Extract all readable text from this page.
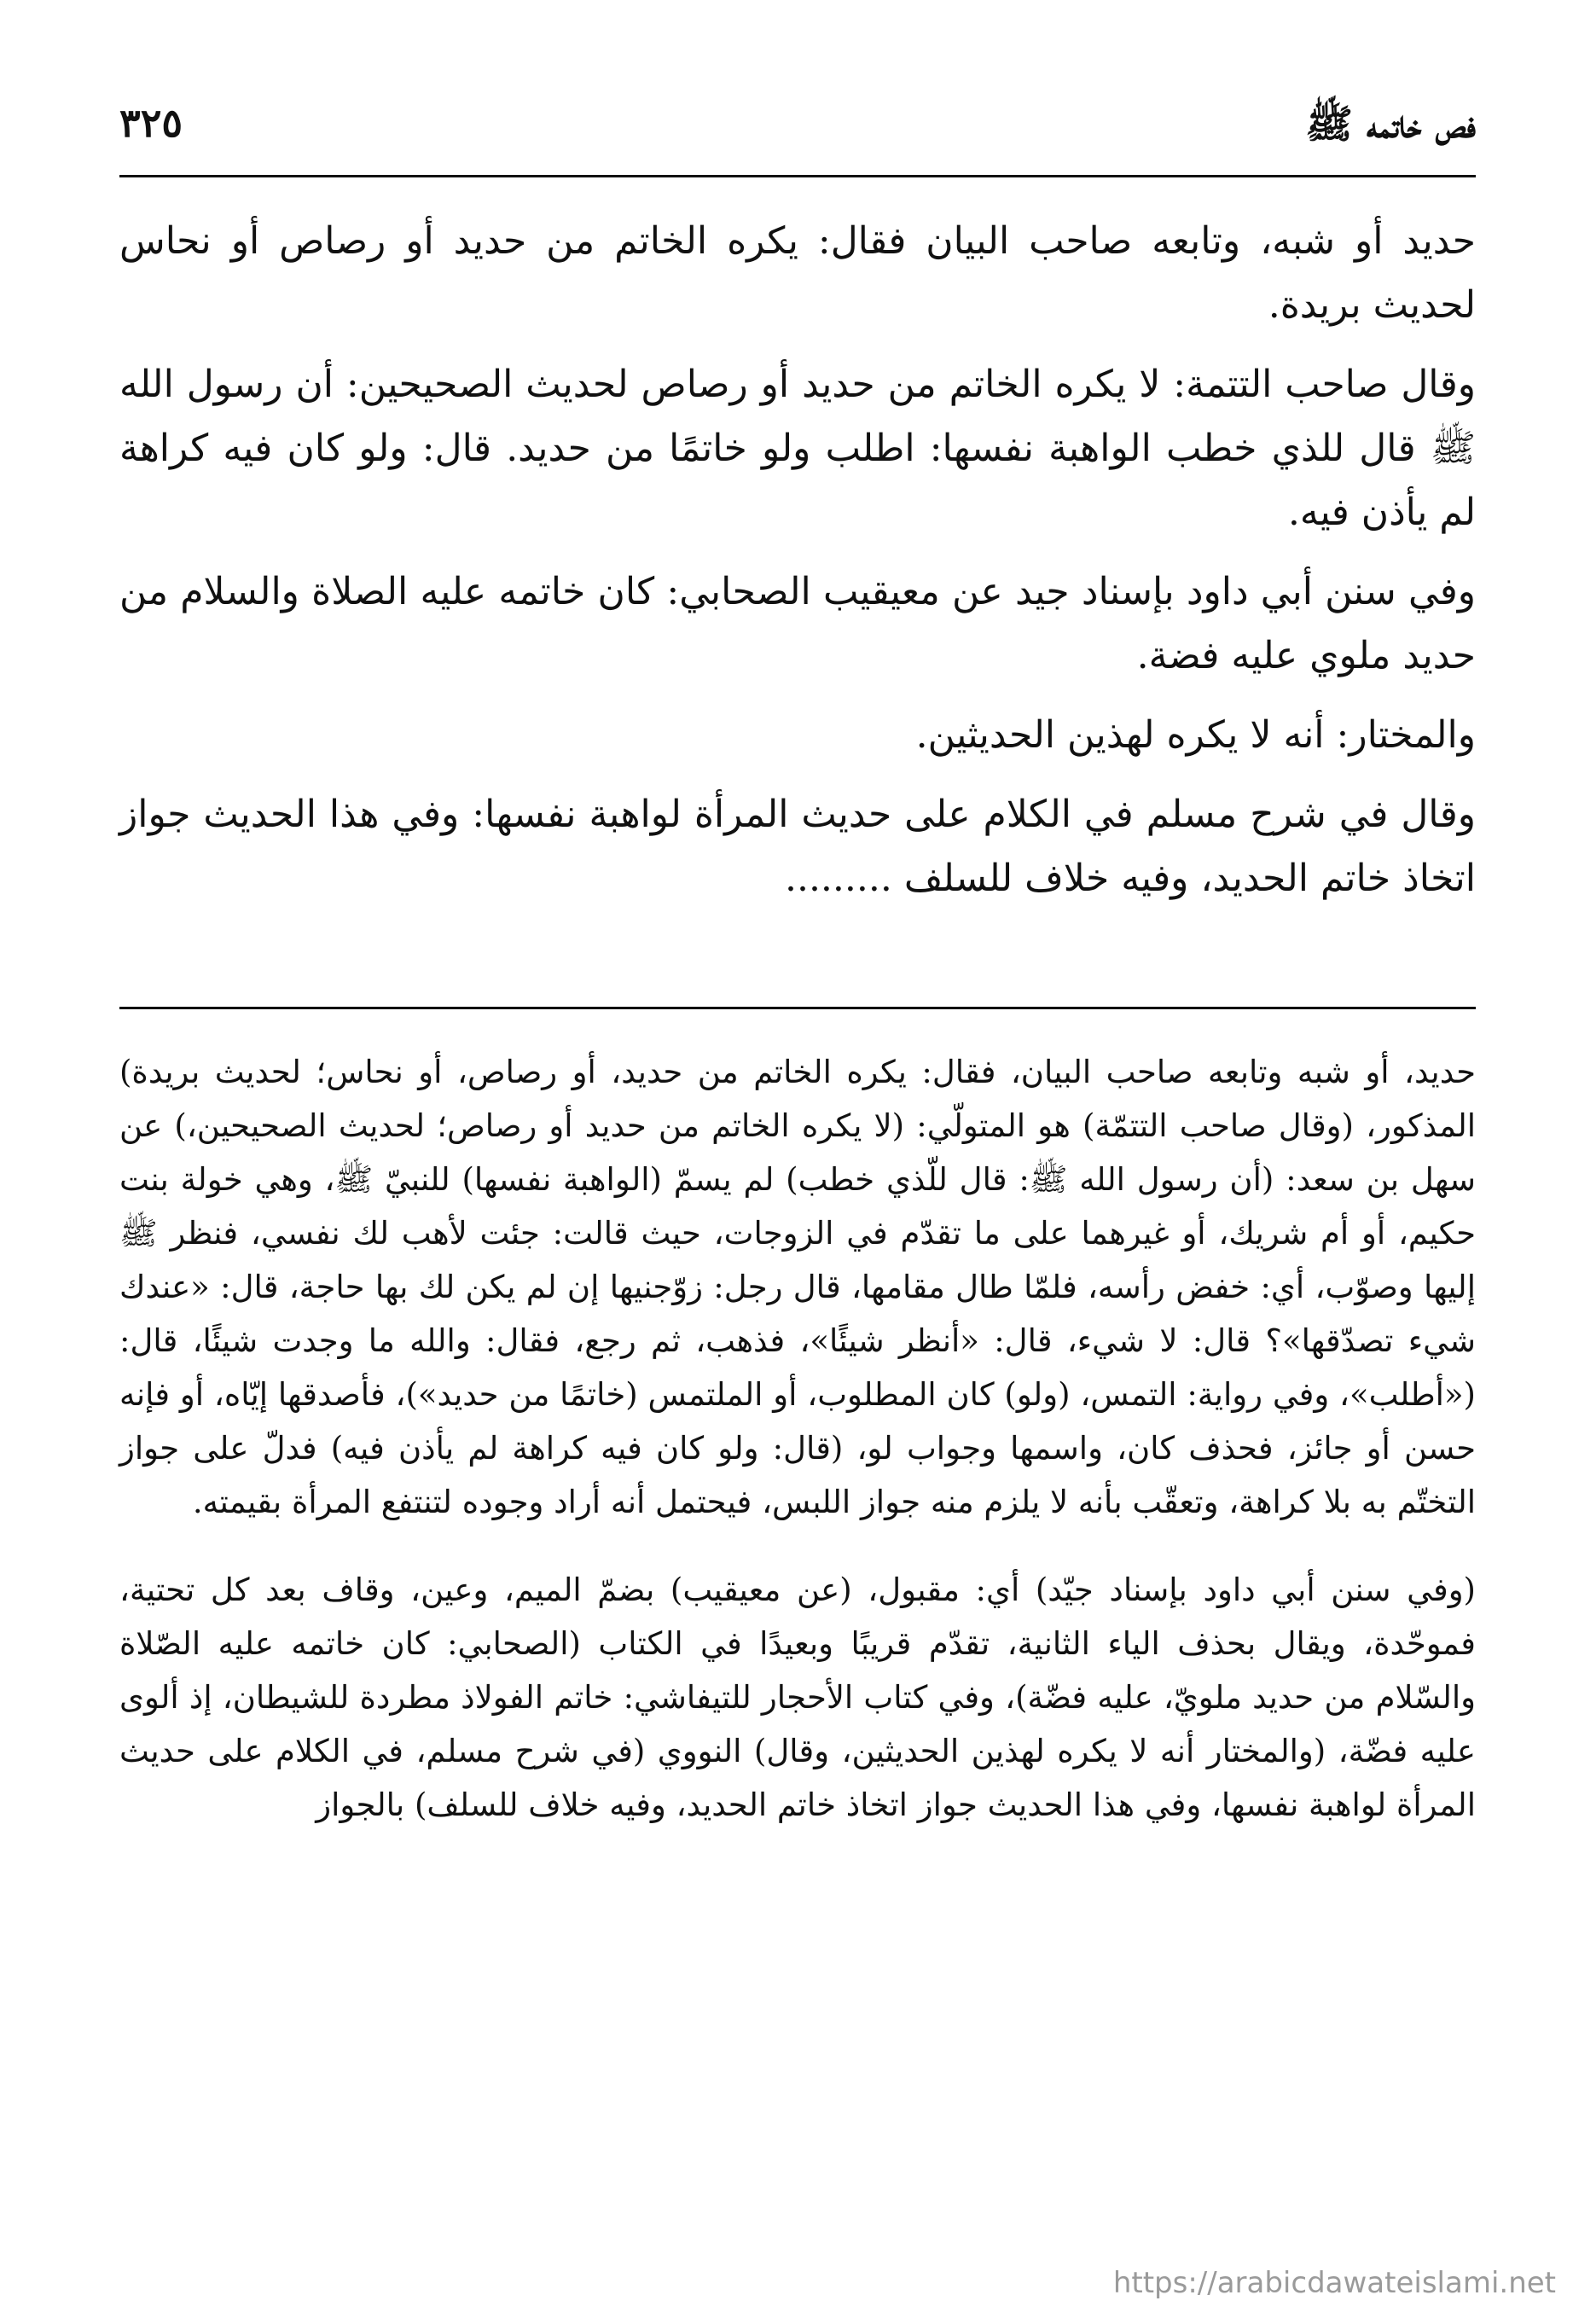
فص خاتمه ﷺ
٣٢٥

حديد أو شبه، وتابعه صاحب البيان فقال: يكره الخاتم من حديد أو رصاص أو نحاس لحديث بريدة.

وقال صاحب التتمة: لا يكره الخاتم من حديد أو رصاص لحديث الصحيحين: أن رسول الله ﷺ قال للذي خطب الواهبة نفسها: اطلب ولو خاتمًا من حديد. قال: ولو كان فيه كراهة لم يأذن فيه.

وفي سنن أبي داود بإسناد جيد عن معيقيب الصحابي: كان خاتمه عليه الصلاة والسلام من حديد ملوي عليه فضة.

والمختار: أنه لا يكره لهذين الحديثين.

وقال في شرح مسلم في الكلام على حديث المرأة لواهبة نفسها: وفي هذا الحديث جواز اتخاذ خاتم الحديد، وفيه خلاف للسلف .........

حديد، أو شبه وتابعه صاحب البيان، فقال: يكره الخاتم من حديد، أو رصاص، أو نحاس؛ لحديث بريدة) المذكور، (وقال صاحب التتمّة) هو المتولّي: (لا يكره الخاتم من حديد أو رصاص؛ لحديث الصحيحين،) عن سهل بن سعد: (أن رسول الله ﷺ: قال للّذي خطب) لم يسمّ (الواهبة نفسها) للنبيّ ﷺ، وهي خولة بنت حكيم، أو أم شريك، أو غيرهما على ما تقدّم في الزوجات، حيث قالت: جئت لأهب لك نفسي، فنظر ﷺ إليها وصوّب، أي: خفض رأسه، فلمّا طال مقامها، قال رجل: زوّجنيها إن لم يكن لك بها حاجة، قال: «عندك شيء تصدّقها»؟ قال: لا شيء، قال: «أنظر شيئًا»، فذهب، ثم رجع، فقال: والله ما وجدت شيئًا، قال: («أطلب»، وفي رواية: التمس، (ولو) كان المطلوب، أو الملتمس (خاتمًا من حديد»)، فأصدقها إيّاه، أو فإنه حسن أو جائز، فحذف كان، واسمها وجواب لو، (قال: ولو كان فيه كراهة لم يأذن فيه) فدلّ على جواز التختّم به بلا كراهة، وتعقّب بأنه لا يلزم منه جواز اللبس، فيحتمل أنه أراد وجوده لتنتفع المرأة بقيمته.

(وفي سنن أبي داود بإسناد جيّد) أي: مقبول، (عن معيقيب) بضمّ الميم، وعين، وقاف بعد كل تحتية، فموحّدة، ويقال بحذف الياء الثانية، تقدّم قريبًا وبعيدًا في الكتاب (الصحابي: كان خاتمه عليه الصّلاة والسّلام من حديد ملويّ، عليه فضّة)، وفي كتاب الأحجار للتيفاشي: خاتم الفولاذ مطردة للشيطان، إذ ألوى عليه فضّة، (والمختار أنه لا يكره لهذين الحديثين، وقال) النووي (في شرح مسلم، في الكلام على حديث المرأة لواهبة نفسها، وفي هذا الحديث جواز اتخاذ خاتم الحديد، وفيه خلاف للسلف) بالجواز

https://arabicdawateislami.net
